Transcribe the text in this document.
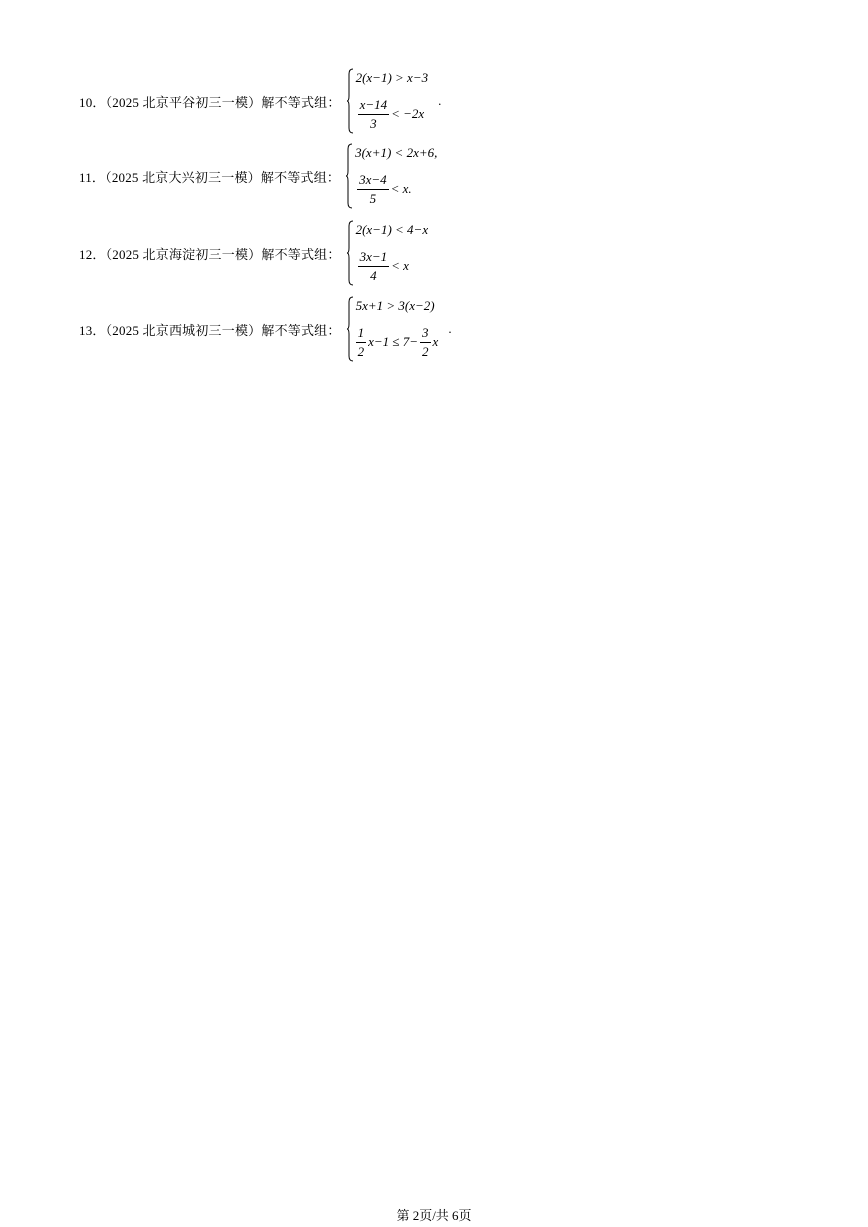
10．（2025 北京平谷初三一模）解不等式组：
2(x−1) > x−3
$\frac{x-14}{3} < -2x$
.
11．（2025 北京大兴初三一模）解不等式组：
3(x+1) < 2x+6,
$\frac{3x-4}{5} < x$.
12．（2025 北京海淀初三一模）解不等式组：
2(x−1) < 4−x
$\frac{3x-1}{4} < x$
13．（2025 北京西城初三一模）解不等式组：
5x+1 > 3(x−2)
$\frac{1}{2} x-1 \le 7- \frac{3}{2}$ x
.
第 2页/共 6页
